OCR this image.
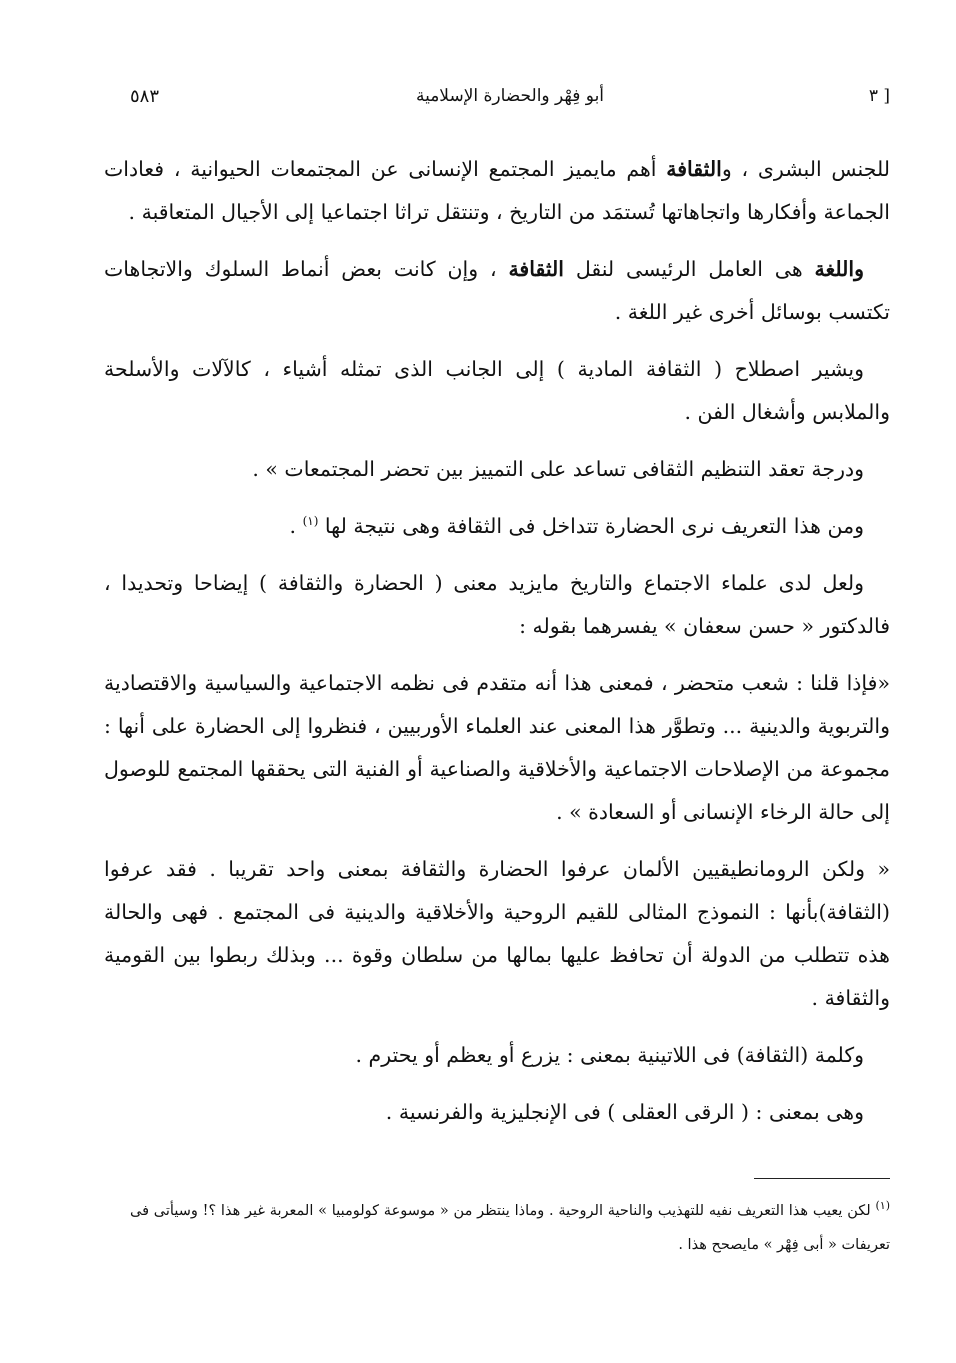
[ ٣
أبو فِهْر والحضارة الإسلامية
٥٨٣

للجنس البشرى ، والثقافة أهم مايميز المجتمع الإنسانى عن المجتمعات الحيوانية ، فعادات الجماعة وأفكارها واتجاهاتها تُستمَد من التاريخ ، وتنتقل تراثا اجتماعيا إلى الأجيال المتعاقبة .

واللغة هى العامل الرئيسى لنقل الثقافة ، وإن كانت بعض أنماط السلوك والاتجاهات تكتسب بوسائل أخرى غير اللغة .

ويشير اصطلاح ( الثقافة المادية ) إلى الجانب الذى تمثله أشياء ، كالآلات والأسلحة والملابس وأشغال الفن .

ودرجة تعقد التنظيم الثقافى تساعد على التمييز بين تحضر المجتمعات » .

ومن هذا التعريف نرى الحضارة تتداخل فى الثقافة وهى نتيجة لها $^{(١)}$ .

ولعل لدى علماء الاجتماع والتاريخ مايزيد معنى ( الحضارة والثقافة ) إيضاحا وتحديدا ، فالدكتور « حسن سعفان » يفسرهما بقوله :

«فإذا قلنا : شعب متحضر ، فمعنى هذا أنه متقدم فى نظمه الاجتماعية والسياسية والاقتصادية والتربوية والدينية ... وتطوَّر هذا المعنى عند العلماء الأوربيين ، فنظروا إلى الحضارة على أنها : مجموعة من الإصلاحات الاجتماعية والأخلاقية والصناعية أو الفنية التى يحققها المجتمع للوصول إلى حالة الرخاء الإنسانى أو السعادة » .

« ولكن الرومانطيقيين الألمان عرفوا الحضارة والثقافة بمعنى واحد تقريبا . فقد عرفوا (الثقافة)بأنها : النموذج المثالى للقيم الروحية والأخلاقية والدينية فى المجتمع . فهى والحالة هذه تتطلب من الدولة أن تحافظ عليها بمالها من سلطان وقوة ... وبذلك ربطوا بين القومية والثقافة .

وكلمة (الثقافة) فى اللاتينية بمعنى : يزرع أو يعظم أو يحترم .

وهى بمعنى : ( الرقى العقلى ) فى الإنجليزية والفرنسية .

$^{(١)}$ لكن يعيب هذا التعريف نفيه للتهذيب والناحية الروحية . وماذا ينتظر من « موسوعة كولومبيا » المعربة غير هذا ؟! وسيأتى فى تعريفات « أبى فِهْر » مايصحح هذا .
